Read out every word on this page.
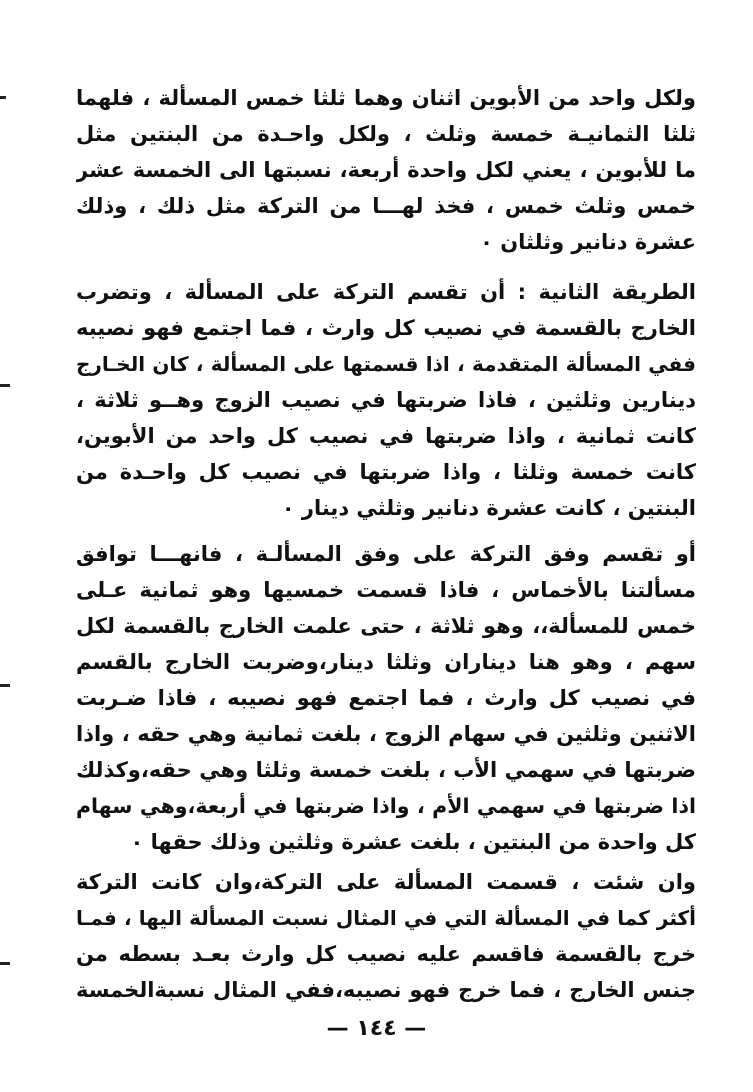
ولكل واحد من الأبوين اثنان وهما ثلثا خمس المسألة ، فلهما
ثلثا الثمانيـة خمسة وثلث ، ولكل واحـدة من البنتين مثل
ما للأبوين ، يعني لكل واحدة أربعة، نسبتها الى الخمسة عشر
خمس وثلث خمس ، فخذ لهـــا من التركة مثل ذلك ، وذلك
عشرة دنانير وثلثان ٠
الطريقة الثانية : أن تقسم التركة على المسألة ، وتضرب
الخارج بالقسمة في نصيب كل وارث ، فما اجتمع فهو نصيبه
ففي المسألة المتقدمة ، اذا قسمتها على المسألة ، كان الخـارج
دينارين وثلثين ، فاذا ضربتها في نصيب الزوج وهــو ثلاثة ،
كانت ثمانية ، واذا ضربتها في نصيب كل واحد من الأبوين،
كانت خمسة وثلثا ، واذا ضربتها في نصيب كل واحـدة من
البنتين ، كانت عشرة دنانير وثلثي دينار ٠
أو تقسم وفق التركة على وفق المسألـة ، فانهـــا توافق
مسألتنا بالأخماس ، فاذا قسمت خمسيها وهو ثمانية عـلى
خمس للمسألة،، وهو ثلاثة ، حتى علمت الخارج بالقسمة لكل
سهم ، وهو هنا ديناران وثلثا دينار،وضربت الخارج بالقسم
في نصيب كل وارث ، فما اجتمع فهو نصيبه ، فاذا ضـربت
الاثنين وثلثين في سهام الزوج ، بلغت ثمانية وهي حقه ، واذا
ضربتها في سهمي الأب ، بلغت خمسة وثلثا وهي حقه،وكذلك
اذا ضربتها في سهمي الأم ، واذا ضربتها في أربعة،وهي سهام
كل واحدة من البنتين ، بلغت عشرة وثلثين وذلك حقها ٠
وان شئت ، قسمت المسألة على التركة،وان كانت التركة
أكثر كما في المسألة التي في المثال نسبت المسألة اليها ، فمـا
خرج بالقسمة فاقسم عليه نصيب كل وارث بعـد بسطه من
جنس الخارج ، فما خرج فهو نصيبه،ففي المثال نسبةالخمسة
— ١٤٤ —
